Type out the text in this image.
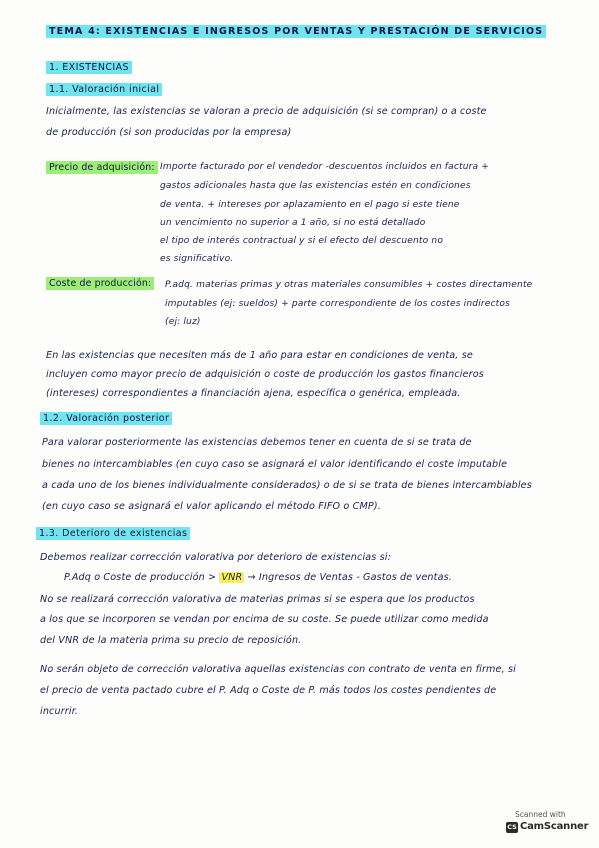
TEMA 4: EXISTENCIAS E INGRESOS POR VENTAS Y PRESTACIÓN DE SERVICIOS
1. EXISTENCIAS
1.1. Valoración inicial
Inicialmente, las existencias se valoran a precio de adquisición (si se compran) o a coste
de producción (si son producidas por la empresa)
Precio de adquisición: Importe facturado por el vendedor -descuentos incluidos en factura +
gastos adicionales hasta que las existencias estén en condiciones
de venta. + intereses por aplazamiento en el pago si este tiene
un vencimiento no superior a 1 año, si no está detallado
el tipo de interés contractual y si el efecto del descuento no
es significativo.
Coste de producción:	P.adq. materias primas y otras materiales consumibles + costes directamente
imputables (ej: sueldos) + parte correspondiente de los costes indirectos
(ej: luz)
En las existencias que necesiten más de 1 año para estar en condiciones de venta, se
incluyen como mayor precio de adquisición o coste de producción los gastos financieros
(intereses) correspondientes a financiación ajena, específica o genérica, empleada.
1.2. Valoración posterior
Para valorar posteriormente las existencias debemos tener en cuenta de si se trata de
bienes no intercambiables (en cuyo caso se asignará el valor identificando el coste imputable
a cada uno de los bienes individualmente considerados) o de si se trata de bienes intercambiables
(en cuyo caso se asignará el valor aplicando el método FIFO o CMP).
1.3. Deterioro de existencias
Debemos realizar corrección valorativa por deterioro de existencias si:
P.Adq o Coste de producción > VNR → Ingresos de Ventas - Gastos de ventas.
No se realizará corrección valorativa de materias primas si se espera que los productos
a los que se incorporen se vendan por encima de su coste. Se puede utilizar como medida
del VNR de la materia prima su precio de reposición.
No serán objeto de corrección valorativa aquellas existencias con contrato de venta en firme, si
el precio de venta pactado cubre el P. Adq o Coste de P. más todos los costes pendientes de
incurrir.
Scanned with
CS CamScanner
